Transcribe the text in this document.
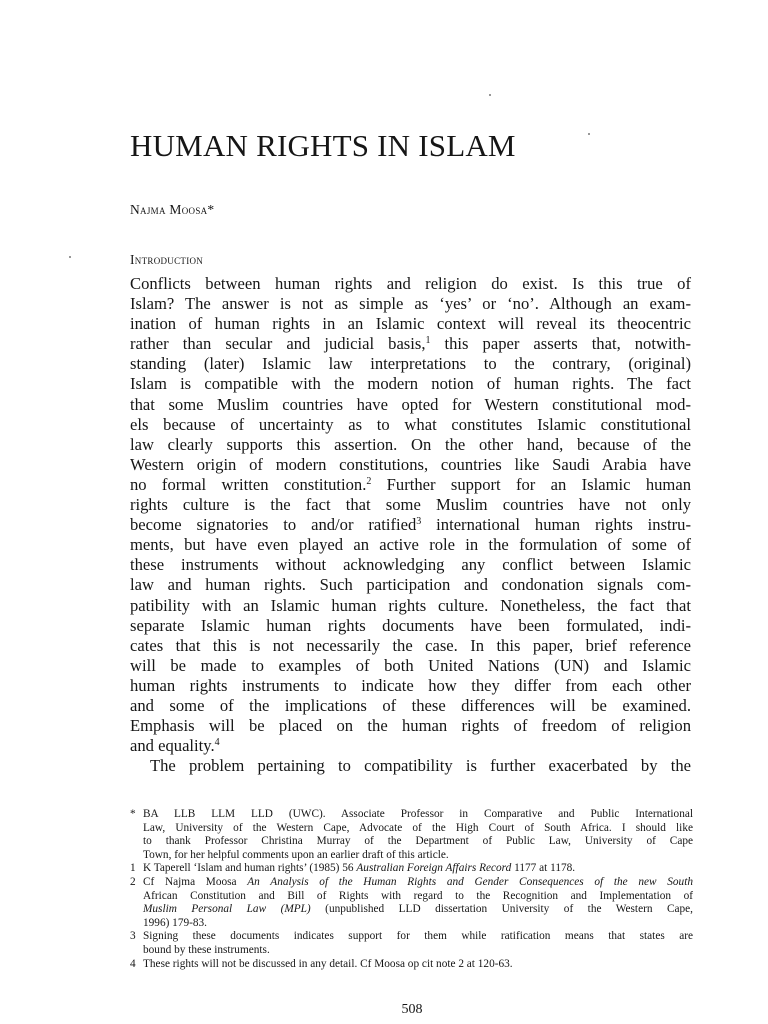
HUMAN RIGHTS IN ISLAM
Najma Moosa*
Introduction
Conflicts between human rights and religion do exist. Is this true of
Islam? The answer is not as simple as ‘yes’ or ‘no’. Although an exam-
ination of human rights in an Islamic context will reveal its theocentric
rather than secular and judicial basis,$^1$ this paper asserts that, notwith-
standing (later) Islamic law interpretations to the contrary, (original)
Islam is compatible with the modern notion of human rights. The fact
that some Muslim countries have opted for Western constitutional mod-
els because of uncertainty as to what constitutes Islamic constitutional
law clearly supports this assertion. On the other hand, because of the
Western origin of modern constitutions, countries like Saudi Arabia have
no formal written constitution.$^2$ Further support for an Islamic human
rights culture is the fact that some Muslim countries have not only
become signatories to and/or ratified$^3$ international human rights instru-
ments, but have even played an active role in the formulation of some of
these instruments without acknowledging any conflict between Islamic
law and human rights. Such participation and condonation signals com-
patibility with an Islamic human rights culture. Nonetheless, the fact that
separate Islamic human rights documents have been formulated, indi-
cates that this is not necessarily the case. In this paper, brief reference
will be made to examples of both United Nations (UN) and Islamic
human rights instruments to indicate how they differ from each other
and some of the implications of these differences will be examined.
Emphasis will be placed on the human rights of freedom of religion
and equality.$^4$
The problem pertaining to compatibility is further exacerbated by the
* BA LLB LLM LLD (UWC). Associate Professor in Comparative and Public International
Law, University of the Western Cape, Advocate of the High Court of South Africa. I should like
to thank Professor Christina Murray of the Department of Public Law, University of Cape
Town, for her helpful comments upon an earlier draft of this article.
1 K Taperell ‘Islam and human rights’ (1985) 56 Australian Foreign Affairs Record 1177 at 1178.
2 Cf Najma Moosa An Analysis of the Human Rights and Gender Consequences of the new South
African Constitution and Bill of Rights with regard to the Recognition and Implementation of
Muslim Personal Law (MPL) (unpublished LLD dissertation University of the Western Cape,
1996) 179-83.
3 Signing these documents indicates support for them while ratification means that states are
bound by these instruments.
4 These rights will not be discussed in any detail. Cf Moosa op cit note 2 at 120-63.
508
